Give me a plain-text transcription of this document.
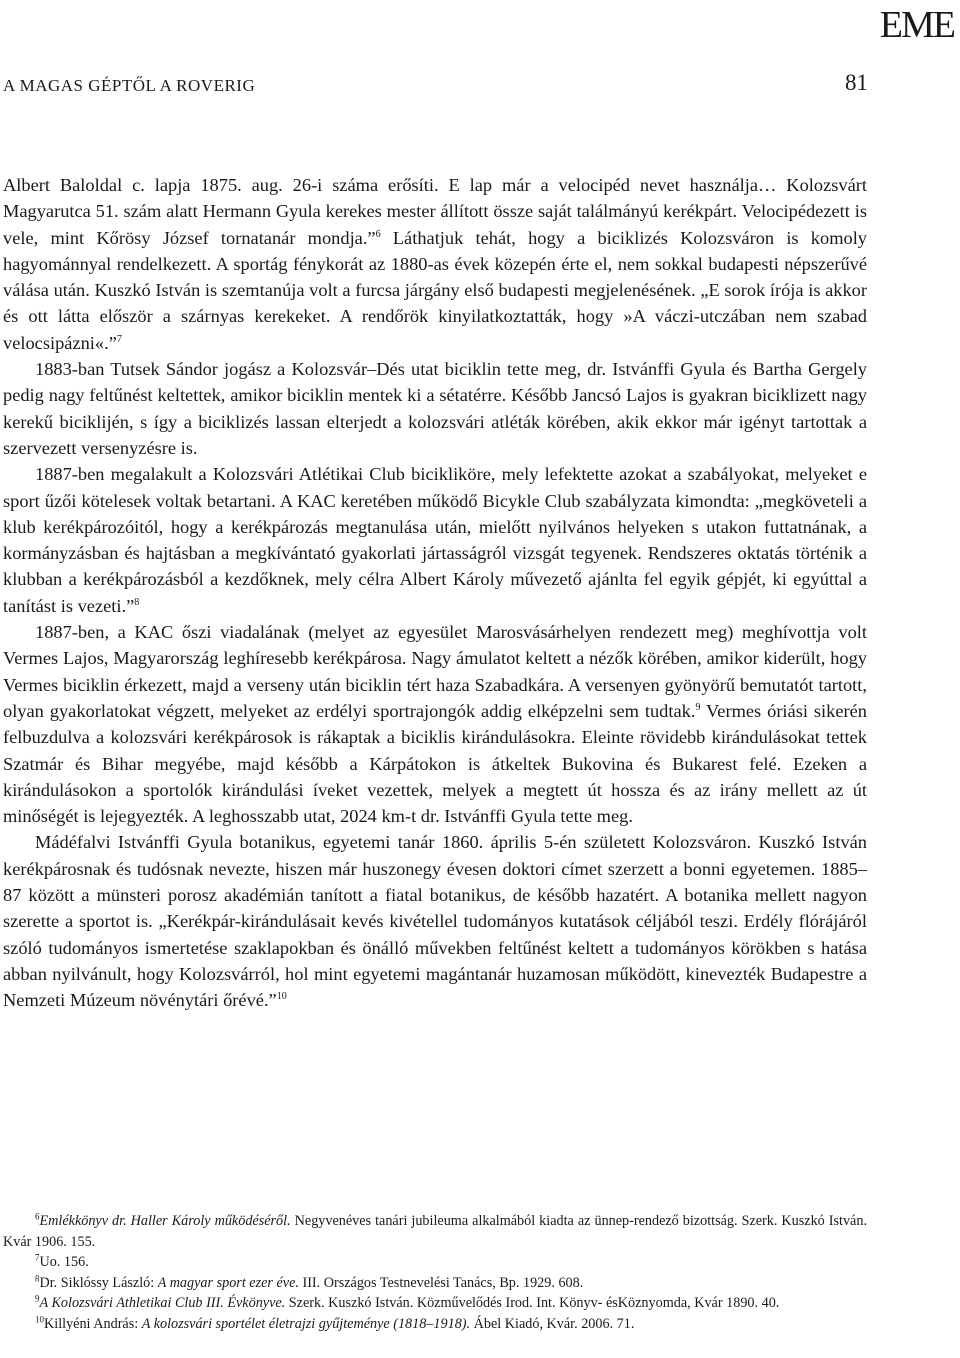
EME
A MAGAS GÉPTŐL A ROVERIG	81

Albert Baloldal c. lapja 1875. aug. 26-i száma erősíti. E lap már a velocipéd nevet használja… Kolozsvárt Magyarutca 51. szám alatt Hermann Gyula kerekes mester állított össze saját találmányú kerékpárt. Velocipédezett is vele, mint Kőrösy József tornatanár mondja.”$^6$ Láthatjuk tehát, hogy a biciklizés Kolozsváron is komoly hagyománnyal rendelkezett. A sportág fénykorát az 1880-as évek közepén érte el, nem sokkal budapesti népszerűvé válása után. Kuszkó István is szemtanúja volt a furcsa járgány első budapesti megjelenésének. „E sorok írója is akkor és ott látta először a szárnyas kerekeket. A rendőrök kinyilatkoztatták, hogy »A váczi-utczában nem szabad velocsipázni«.”$^7$

1883-ban Tutsek Sándor jogász a Kolozsvár–Dés utat biciklin tette meg, dr. Istvánffi Gyula és Bartha Gergely pedig nagy feltűnést keltettek, amikor biciklin mentek ki a sétatérre. Később Jancsó Lajos is gyakran biciklizett nagy kerekű biciklijén, s így a biciklizés lassan elterjedt a kolozsvári atléták körében, akik ekkor már igényt tartottak a szervezett versenyzésre is.

1887-ben megalakult a Kolozsvári Atlétikai Club bicikliköre, mely lefektette azokat a szabályokat, melyeket e sport űzői kötelesek voltak betartani. A KAC keretében működő Bicykle Club szabályzata kimondta: „megköveteli a klub kerékpározóitól, hogy a kerékpározás megtanulása után, mielőtt nyilvános helyeken s utakon futtatnának, a kormányzásban és hajtásban a megkívántató gyakorlati jártasságról vizsgát tegyenek. Rendszeres oktatás történik a klubban a kerékpározásból a kezdőknek, mely célra Albert Károly művezető ajánlta fel egyik gépjét, ki egyúttal a tanítást is vezeti.”$^8$

1887-ben, a KAC őszi viadalának (melyet az egyesület Marosvásárhelyen rendezett meg) meghívottja volt Vermes Lajos, Magyarország leghíresebb kerékpárosa. Nagy ámulatot keltett a nézők körében, amikor kiderült, hogy Vermes biciklin érkezett, majd a verseny után biciklin tért haza Szabadkára. A versenyen gyönyörű bemutatót tartott, olyan gyakorlatokat végzett, melyeket az erdélyi sportrajongók addig elképzelni sem tudtak.$^9$ Vermes óriási sikerén felbuzdulva a kolozsvári kerékpárosok is rákaptak a biciklis kirándulásokra. Eleinte rövidebb kirándulásokat tettek Szatmár és Bihar megyébe, majd később a Kárpátokon is átkeltek Bukovina és Bukarest felé. Ezeken a kirándulásokon a sportolók kirándulási íveket vezettek, melyek a megtett út hossza és az irány mellett az út minőségét is lejegyezték. A leghosszabb utat, 2024 km-t dr. Istvánffi Gyula tette meg.

Mádéfalvi Istvánffi Gyula botanikus, egyetemi tanár 1860. április 5-én született Kolozsváron. Kuszkó István kerékpárosnak és tudósnak nevezte, hiszen már huszonegy évesen doktori címet szerzett a bonni egyetemen. 1885–87 között a münsteri porosz akadémián tanított a fiatal botanikus, de később hazatért. A botanika mellett nagyon szerette a sportot is. „Kerékpár-kirándulásait kevés kivétellel tudományos kutatások céljából teszi. Erdély flórájáról szóló tudományos ismertetése szaklapokban és önálló művekben feltűnést keltett a tudományos körökben s hatása abban nyilvánult, hogy Kolozsvárról, hol mint egyetemi magántanár huzamosan működött, kinevezték Budapestre a Nemzeti Múzeum növénytári őrévé.”$^{10}$

$^6$Emlékkönyv dr. Haller Károly működéséről. Negyvenéves tanári jubileuma alkalmából kiadta az ünnep-rendező bizottság. Szerk. Kuszkó István. Kvár 1906. 155.

$^7$Uo. 156.

$^8$Dr. Siklóssy László: A magyar sport ezer éve. III. Országos Testnevelési Tanács, Bp. 1929. 608.

$^9$A Kolozsvári Athletikai Club III. Évkönyve. Szerk. Kuszkó István. Közművelődés Irod. Int. Könyv- ésKöznyomda, Kvár 1890. 40.

$^{10}$Killyéni András: A kolozsvári sportélet életrajzi gyűjteménye (1818–1918). Ábel Kiadó, Kvár. 2006. 71.
